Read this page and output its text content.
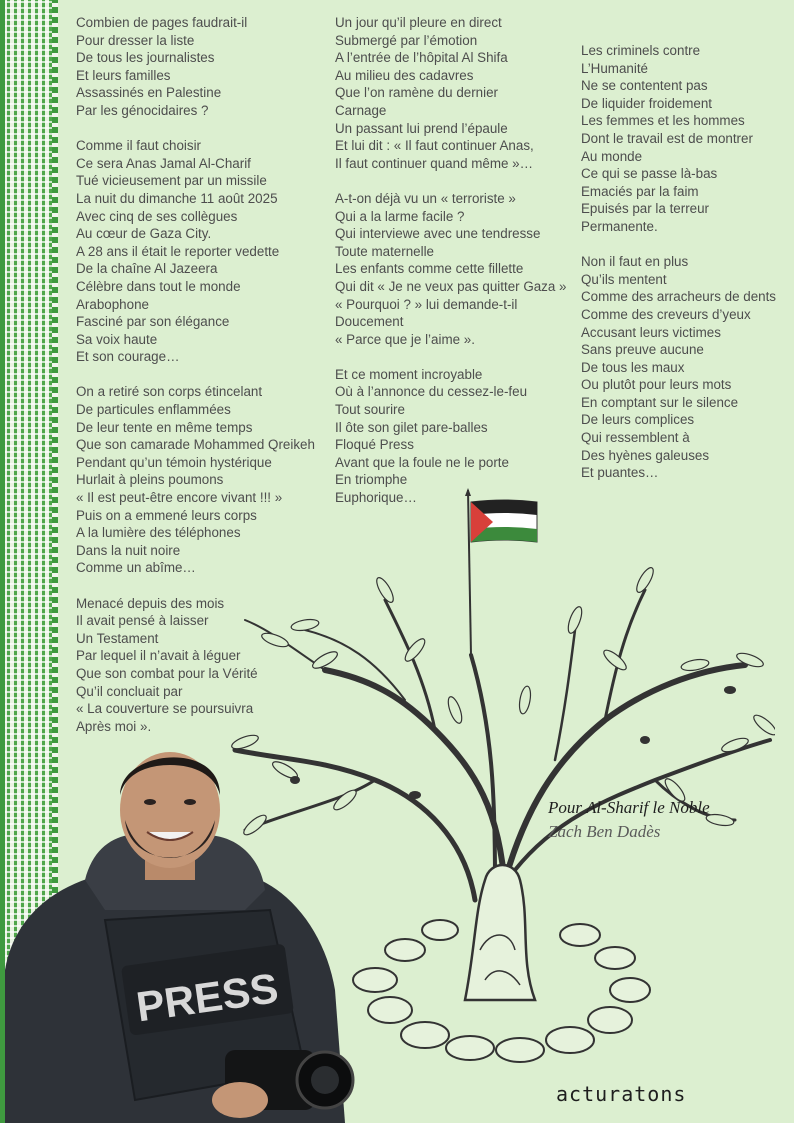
Combien de pages faudrait-il
Pour dresser la liste
De tous les journalistes
Et leurs familles
Assassinés en Palestine
Par les génocidaires ?

Comme il faut choisir
Ce sera Anas Jamal Al-Charif
Tué vicieusement par un missile
La nuit du dimanche 11 août 2025
Avec cinq de ses collègues
Au cœur de Gaza City.
A 28 ans il était le reporter vedette
De la chaîne Al Jazeera
Célèbre dans tout le monde
Arabophone
Fasciné par son élégance
Sa voix haute
Et son courage…

On a retiré son corps étincelant
De particules enflammées
De leur tente en même temps
Que son camarade Mohammed Qreikeh
Pendant qu’un témoin hystérique
Hurlait à pleins poumons
« Il est peut-être encore vivant !!! »
Puis on a emmené leurs corps
A la lumière des téléphones
Dans la nuit noire
Comme un abîme…

Menacé depuis des mois
Il avait pensé à laisser
Un Testament
Par lequel il n’avait à léguer
Que son combat pour la Vérité
Qu’il concluait par
« La couverture se poursuivra
Après moi ».

Un jour qu’il pleure en direct
Submergé par l’émotion
A l’entrée de l’hôpital Al Shifa
Au milieu des cadavres
Que l’on ramène du dernier
Carnage
Un passant lui prend l’épaule
Et lui dit : « Il faut continuer Anas,
Il faut continuer quand même »…

A-t-on déjà vu un « terroriste »
Qui a la larme facile ?
Qui interviewe avec une tendresse
Toute maternelle
Les enfants comme cette fillette
Qui dit « Je ne veux pas quitter Gaza »
« Pourquoi ? » lui demande-t-il
Doucement
« Parce que je l’aime ».

Et ce moment incroyable
Où à l’annonce du cessez-le-feu
Tout sourire
Il ôte son gilet pare-balles
Floqué Press
Avant que la foule ne le porte
En triomphe
Euphorique…

Les criminels contre
L’Humanité
Ne se contentent pas
De liquider froidement
Les femmes et les hommes
Dont le travail est de montrer
Au monde
Ce qui se passe là-bas
Emaciés par la faim
Epuisés par la terreur
Permanente.

Non il faut en plus
Qu’ils mentent
Comme des arracheurs de dents
Comme des creveurs d’yeux
Accusant leurs victimes
Sans preuve aucune
De tous les maux
Ou plutôt pour leurs mots
En comptant sur le silence
De leurs complices
Qui ressemblent à
Des hyènes galeuses
Et puantes…

Pour Al-Sharif le Noble
Zach Ben Dadès
PRESS
acturatons
